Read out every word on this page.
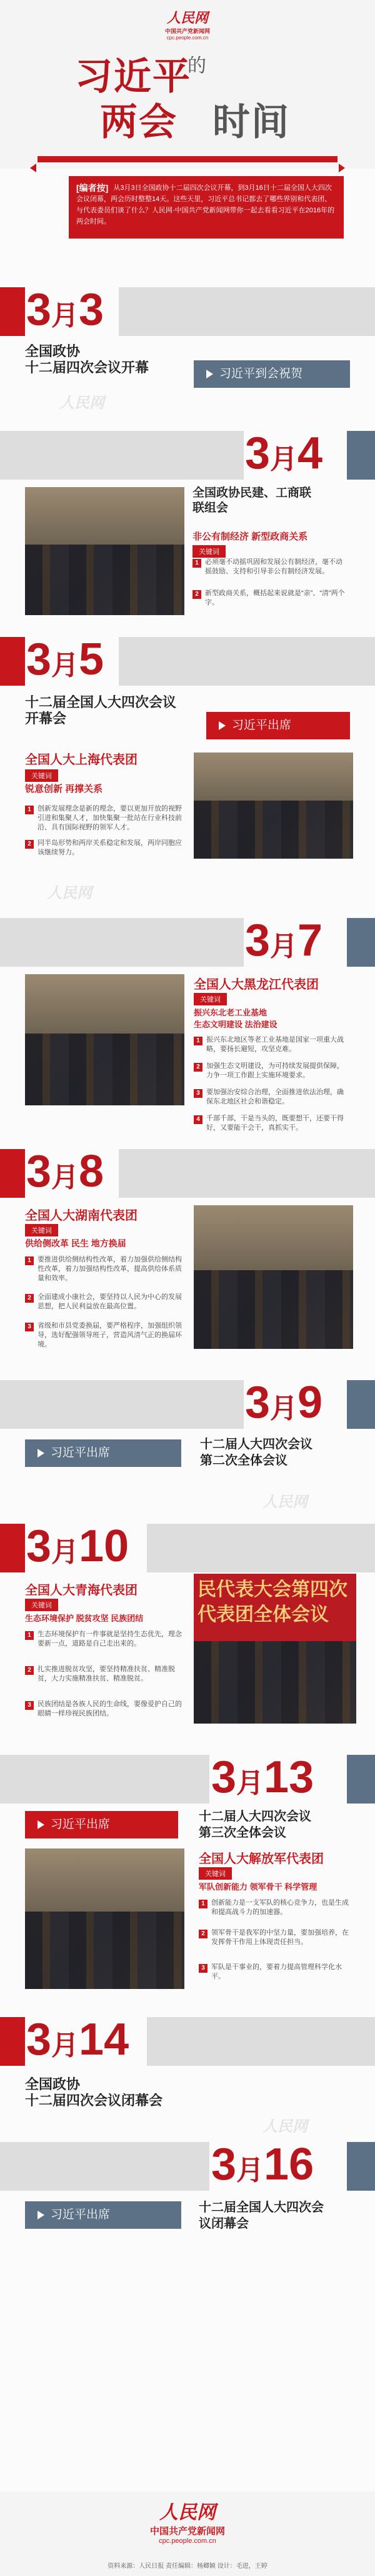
人民网
中国共产党新闻网
cpc.people.com.cn
习近平
的
两会 时间
[编者按] 从3月3日全国政协十二届四次会议开幕，到3月16日十二届全国人大四次会议闭幕，两会历时整整14天。这些天里，习近平总书记都去了哪些界别和代表团、与代表委员们谈了什么？人民网·中国共产党新闻网带你一起去看看习近平在2016年的两会时间。
3月3
全国政协
十二届四次会议开幕	习近平到会祝贺
人民网
3月4
全国政协民建、工商联
联组会
非公有制经济 新型政商关系
关键词
1 必须毫不动摇巩固和发展公有制经济，毫不动摇鼓励、支持和引导非公有制经济发展。
2 新型政商关系，概括起来说就是“亲”、“清”两个字。
3月5
十二届全国人大四次会议
开幕会	习近平出席
全国人大上海代表团
关键词
锐意创新 再撑关系
1 创新发展理念是新的理念，要以更加开放的视野引进和集聚人才，加快集聚一批站在行业科技前沿、具有国际视野的领军人才。
2 同半岛形势和两岸关系稳定和发展，两岸同胞应该继续努力。
人民网
3月7
全国人大黑龙江代表团
关键词
振兴东北老工业基地
生态文明建设 法治建设
1 振兴东北地区等老工业基地是国家一项重大战略，要扬长避短，攻坚克难。
2 加强生态文明建设，为可持续发展提供保障，力争一项工作跟上实施环境要求。
3 要加强治安综合治理，全面推进依法治理，确保东北地区社会和谐稳定。
4 千部千部，干是当头的，既要想干，还要干得好，又要能干会干，真抓实干。
3月8
全国人大湖南代表团
关键词
供给侧改革 民生 地方换届
1 要推进供给侧结构性改革，着力加强供给侧结构性改革，着力加强结构性改革，提高供给体系质量和效率。
2 全面建成小康社会，要坚持以人民为中心的发展思想，把人民利益放在最高位置。
3 省级和市县党委换届，要严格程序，加强组织领导，选好配强领导班子，营造风清气正的换届环境。
3月9
习近平出席
十二届人大四次会议
第二次全体会议
人民网
3月10
全国人大青海代表团
关键词
生态环境保护 脱贫攻坚 民族团结
1 生态环境保护有一件事就是坚持生态优先，理念要新一点，道路是自己走出来的。
2 扎实推进脱贫攻坚，要坚持精准扶贫、精准脱贫，大力实施精准扶贫、精准脱贫。
3 民族团结是各族人民的生命线，要像爱护自己的眼睛一样珍视民族团结。
民代表大会第四次
代表团全体会议
3月13
习近平出席
十二届人大四次会议
第三次全体会议
全国人大解放军代表团
关键词
军队创新能力 领军骨干 科学管理
1 创新能力是一支军队的核心竞争力，也是生成和提高战斗力的加速器。
2 领军骨干是我军的中坚力量，要加强培养，在发挥骨干作用上体现责任担当。
3 军队是干事业的，要着力提高管理科学化水平。
3月14
全国政协
十二届四次会议闭幕会
人民网
3月16
习近平出席
十二届全国人大四次会
议闭幕会
人民网
中国共产党新闻网
cpc.people.com.cn
资料来源：人民日报 责任编辑：杨卿颖 设计：毛进，王婷
